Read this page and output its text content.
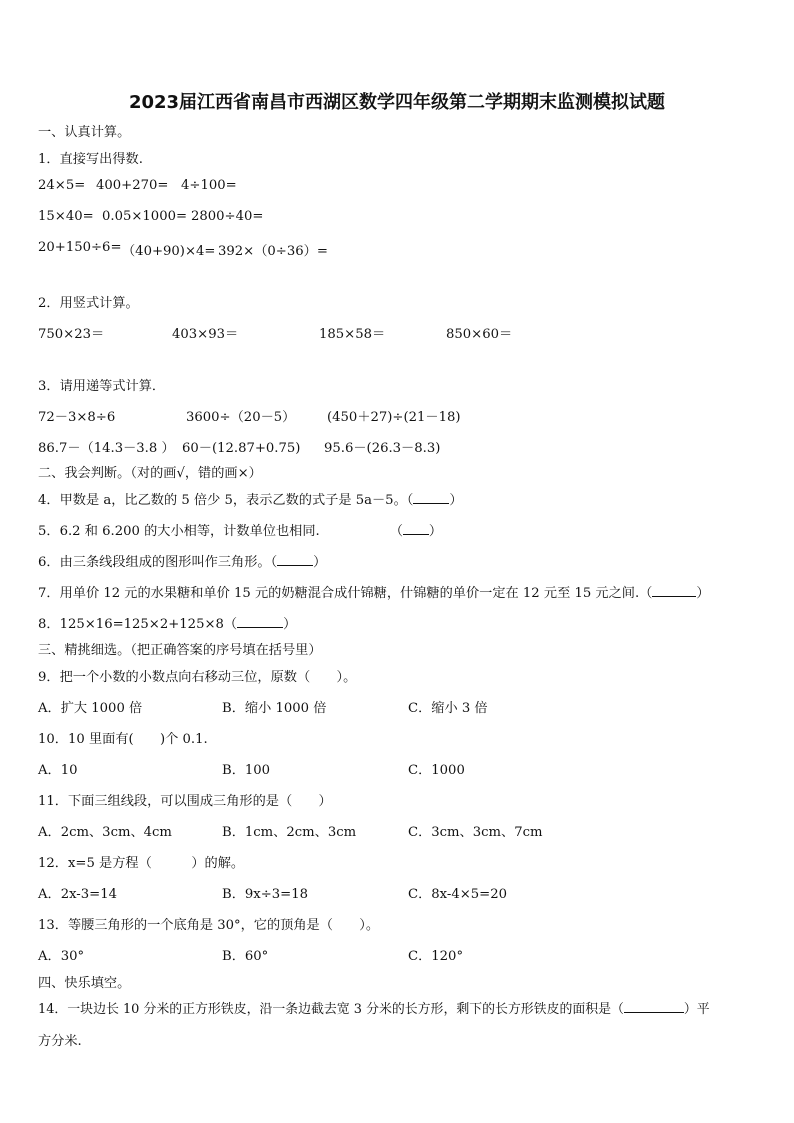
2023届江西省南昌市西湖区数学四年级第二学期期末监测模拟试题
一、认真计算。
1．直接写出得数.
24×5= 400+270= 4÷100=
15×40= 0.05×1000= 2800÷40=
20+150÷6= （40+90)×4= 392×（0÷36）=
2．用竖式计算。
750×23＝	403×93＝	185×58＝	850×60＝
3．请用递等式计算．
72－3×8÷6	3600÷（20－5） (450＋27)÷(21－18)
86.7－（14.3－3.8 ） 60－(12.87+0.75) 95.6－(26.3－8.3)
二、我会判断。（对的画√，错的画×）
4．甲数是 a，比乙数的 5 倍少 5，表示乙数的式子是 5a－5。（	）
5．6.2 和 6.200 的大小相等，计数单位也相同.	（ ）
6．由三条线段组成的图形叫作三角形。（	）
7．用单价 12 元的水果糖和单价 15 元的奶糖混合成什锦糖，什锦糖的单价一定在 12 元至 15 元之间.（	）
8．125×16=125×2+125×8（	）
三、精挑细选。（把正确答案的序号填在括号里）
9．把一个小数的小数点向右移动三位，原数（　　）。
A．扩大 1000 倍	B．缩小 1000 倍	C．缩小 3 倍
10．10 里面有(　　)个 0.1.
A．10	B．100	C．1000
11．下面三组线段，可以围成三角形的是（　　）
A．2cm、3cm、4cm	B．1cm、2cm、3cm	C．3cm、3cm、7cm
12．x=5 是方程（　　　）的解。
A．2x-3=14	B．9x÷3=18	C．8x-4×5=20
13．等腰三角形的一个底角是 30°，它的顶角是（　　）。
A．30°	B．60°	C．120°
四、快乐填空。
14．一块边长 10 分米的正方形铁皮，沿一条边截去宽 3 分米的长方形，剩下的长方形铁皮的面积是（	）平
方分米.
